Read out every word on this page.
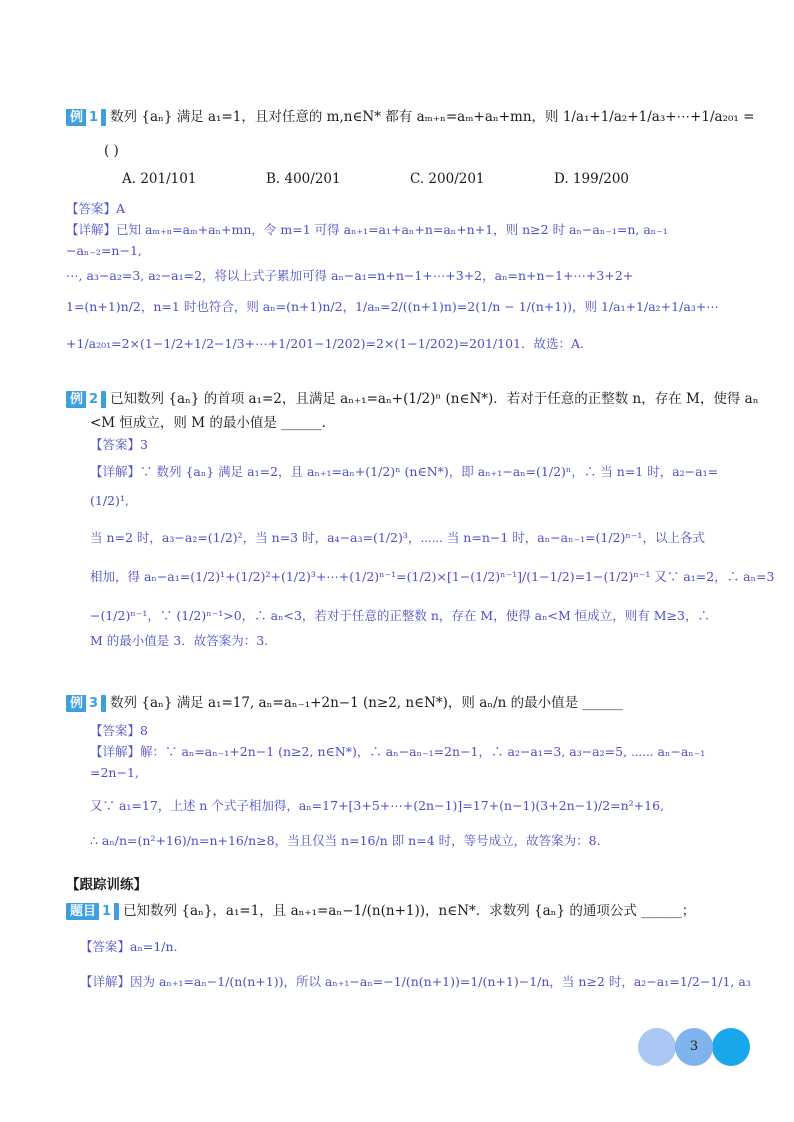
例 1 数列 {aₙ} 满足 a₁=1，且对任意的 m,n∈N* 都有 aₘ₊ₙ=aₘ+aₙ+mn，则 1/a₁+1/a₂+1/a₃+⋯+1/a₂₀₁ =
( )
A. 201/101	B. 400/201	C. 200/201	D. 199/200
【答案】A
【详解】已知 aₘ₊ₙ=aₘ+aₙ+mn，令 m=1 可得 aₙ₊₁=a₁+aₙ+n=aₙ+n+1，则 n≥2 时 aₙ−aₙ₋₁=n, aₙ₋₁
−aₙ₋₂=n−1,
⋯, a₃−a₂=3, a₂−a₁=2，将以上式子累加可得 aₙ−a₁=n+n−1+⋯+3+2，aₙ=n+n−1+⋯+3+2+
1=(n+1)n/2，n=1 时也符合，则 aₙ=(n+1)n/2，1/aₙ=2/((n+1)n)=2(1/n − 1/(n+1))，则 1/a₁+1/a₂+1/a₃+⋯
+1/a₂₀₁=2×(1−1/2+1/2−1/3+⋯+1/201−1/202)=2×(1−1/202)=201/101．故选：A.
例 2 已知数列 {aₙ} 的首项 a₁=2，且满足 aₙ₊₁=aₙ+(1/2)ⁿ (n∈N*)．若对于任意的正整数 n，存在 M，使得 aₙ
<M 恒成立，则 M 的最小值是 ______.
【答案】3
【详解】∵ 数列 {aₙ} 满足 a₁=2，且 aₙ₊₁=aₙ+(1/2)ⁿ (n∈N*)，即 aₙ₊₁−aₙ=(1/2)ⁿ，∴ 当 n=1 时，a₂−a₁=
(1/2)¹,
当 n=2 时，a₃−a₂=(1/2)²，当 n=3 时，a₄−a₃=(1/2)³，⋯⋯ 当 n=n−1 时，aₙ−aₙ₋₁=(1/2)ⁿ⁻¹，以上各式
相加，得 aₙ−a₁=(1/2)¹+(1/2)²+(1/2)³+⋯+(1/2)ⁿ⁻¹=(1/2)×[1−(1/2)ⁿ⁻¹]/(1−1/2)=1−(1/2)ⁿ⁻¹ 又∵ a₁=2，∴ aₙ=3
−(1/2)ⁿ⁻¹，∵ (1/2)ⁿ⁻¹>0，∴ aₙ<3，若对于任意的正整数 n，存在 M，使得 aₙ<M 恒成立，则有 M≥3，∴
M 的最小值是 3．故答案为：3.
例 3 数列 {aₙ} 满足 a₁=17, aₙ=aₙ₋₁+2n−1 (n≥2, n∈N*)，则 aₙ/n 的最小值是 ______
【答案】8
【详解】解：∵ aₙ=aₙ₋₁+2n−1 (n≥2, n∈N*)，∴ aₙ−aₙ₋₁=2n−1，∴ a₂−a₁=3, a₃−a₂=5, ⋯⋯ aₙ−aₙ₋₁
=2n−1,
又∵ a₁=17，上述 n 个式子相加得，aₙ=17+[3+5+⋯+(2n−1)]=17+(n−1)(3+2n−1)/2=n²+16,
∴ aₙ/n=(n²+16)/n=n+16/n≥8，当且仅当 n=16/n 即 n=4 时，等号成立，故答案为：8.
【跟踪训练】
题目 1 已知数列 {aₙ}，a₁=1，且 aₙ₊₁=aₙ−1/(n(n+1))，n∈N*．求数列 {aₙ} 的通项公式 ______；
【答案】aₙ=1/n.
【详解】因为 aₙ₊₁=aₙ−1/(n(n+1))，所以 aₙ₊₁−aₙ=−1/(n(n+1))=1/(n+1)−1/n，当 n≥2 时，a₂−a₁=1/2−1/1, a₃
3
